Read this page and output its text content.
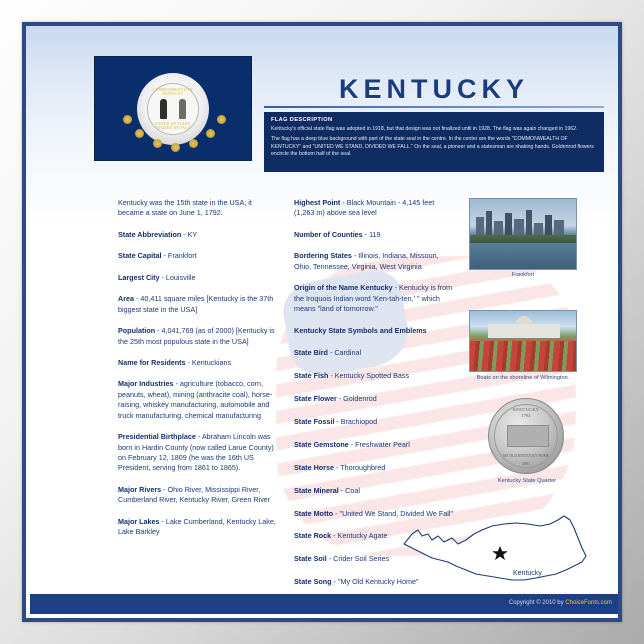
COMMONWEALTH OF KENTUCKY
UNITED WE STAND, DIVIDED WE FALL
KENTUCKY
FLAG DESCRIPTION

Kentucky's official state flag was adopted in 1918, but that design was not finalized until in 1928. The flag was again changed in 1962.

The flag has a deep blue background with part of the state seal in the centre. In the center are the words "COMMONWEALTH OF KENTUCKY" and "UNITED WE STAND, DIVIDED WE FALL." On the seal, a pioneer and a statesman are shaking hands. Goldenrod flowers encircle the bottom half of the seal.

Kentucky was the 15th state in the USA; it became a state on June 1, 1792.
State Abbreviation - KY
State Capital - Frankfort
Largest City - Louisville
Area - 40,411 square miles [Kentucky is the 37th biggest state in the USA]
Population - 4,041,769 (as of 2000) [Kentucky is the 25th most populous state in the USA]
Name for Residents - Kentuckians
Major Industries - agriculture (tobacco, corn, peanuts, wheat), mining (anthracite coal), horse-raising, whiskey manufacturing, automobile and truck manufacturing, chemical manufacturing
Presidential Birthplace - Abraham Lincoln was born in Hardin County (now called Larue County) on February 12, 1809 (he was the 16th US President, serving from 1861 to 1865).
Major Rivers - Ohio River, Mississippi River, Cumberland River, Kentucky River, Green River
Major Lakes - Lake Cumberland, Kentucky Lake, Lake Barkley
Highest Point - Black Mountain - 4,145 feet (1,263 m) above sea level
Number of Counties - 119
Bordering States - Illinois, Indiana, Missouri, Ohio, Tennessee, Virginia, West Virginia
Origin of the Name Kentucky - Kentucky is from the Iroquois Indian word 'Ken-tah-ten,' " which means "land of tomorrow."
Kentucky State Symbols and Emblems
State Bird - Cardinal
State Fish - Kentucky Spotted Bass
State Flower - Goldenrod
State Fossil - Brachiopod
State Gemstone - Freshwater Pearl
State Horse - Thoroughbred
State Mineral - Coal
State Motto - "United We Stand, Divided We Fall"
State Rock - Kentucky Agate
State Soil - Crider Soil Series
State Song - "My Old Kentucky Home"
Frankfort
Boats on the shoreline of Wilmington.
KENTUCKY
1792
MY OLD KENTUCKY HOME
2001
Kentucky State Quarter
Kentucky
Copyright © 2010 by ChoiceFonts.com
